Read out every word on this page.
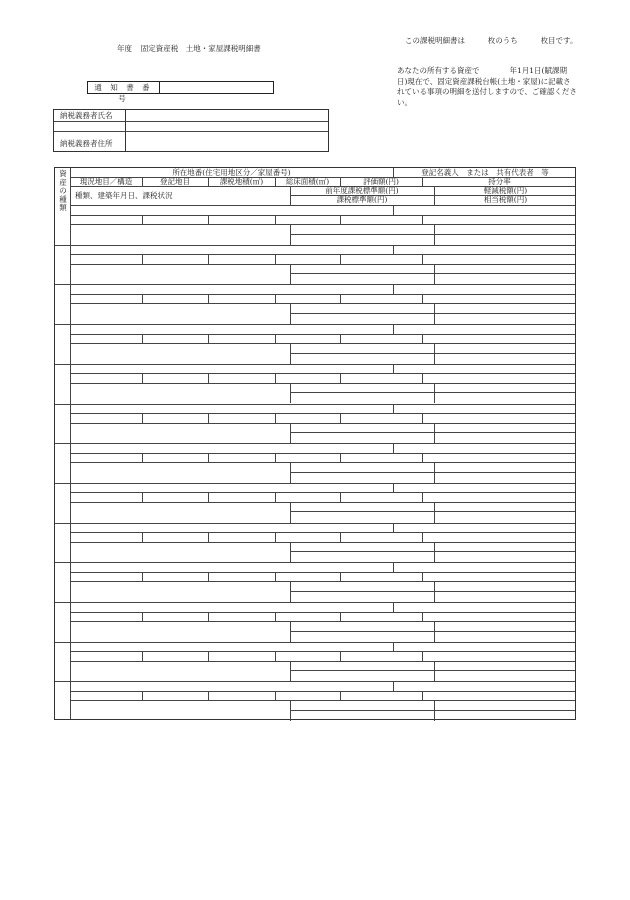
この課税明細書は	枚のうち	枚目です。
年度 固定資産税　土地・家屋課税明細書
通 知 書 番 号
あなたの所有する資産で　　　　年1月1日(賦課期日)現在で、固定資産課税台帳(土地・家屋)に記載されている事項の明細を送付しますので、ご確認ください。
納税義務者氏名
納税義務者住所
資産の種類
所在地番(住宅用地区分／家屋番号)	登記名義人　または　共有代表者　等
現況地目／構造	登記地目	課税地積(㎡)	総床面積(㎡)	評価額(円)	持分率
種類、建築年月日、課税状況
前年度課税標準額(円)	軽減税額(円)
課税標準額(円)	相当税額(円)
